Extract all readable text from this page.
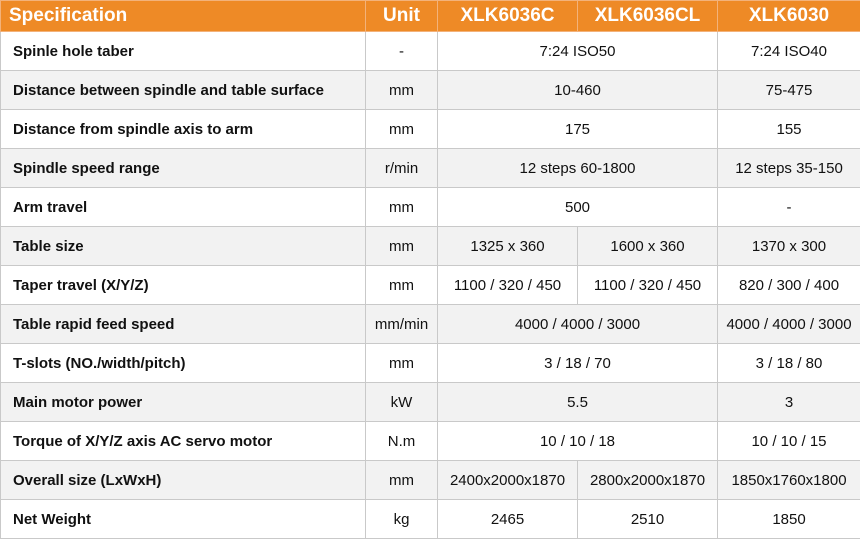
Specification	Unit	XLK6036C	XLK6036CL	XLK6030
Spinle hole taber	-	7:24 ISO50		7:24 ISO40
Distance between spindle and table surface	mm	10-460		75-475
Distance from spindle axis to arm	mm	175		155
Spindle speed range	r/min	12 steps 60-1800		12 steps 35-150
Arm travel	mm	500		-
Table size	mm	1325 x 360	1600 x 360	1370 x 300
Taper travel (X/Y/Z)	mm	1100 / 320 / 450	1100 / 320 / 450	820 / 300 / 400
Table rapid feed speed	mm/min	4000 / 4000 / 3000		4000 / 4000 / 3000
T-slots (NO./width/pitch)	mm	3 / 18 / 70		3 / 18 / 80
Main motor power	kW	5.5		3
Torque of X/Y/Z axis AC servo motor	N.m	10 / 10 / 18		10 / 10 / 15
Overall size (LxWxH)	mm	2400x2000x1870	2800x2000x1870	1850x1760x1800
Net Weight	kg	2465	2510	1850
